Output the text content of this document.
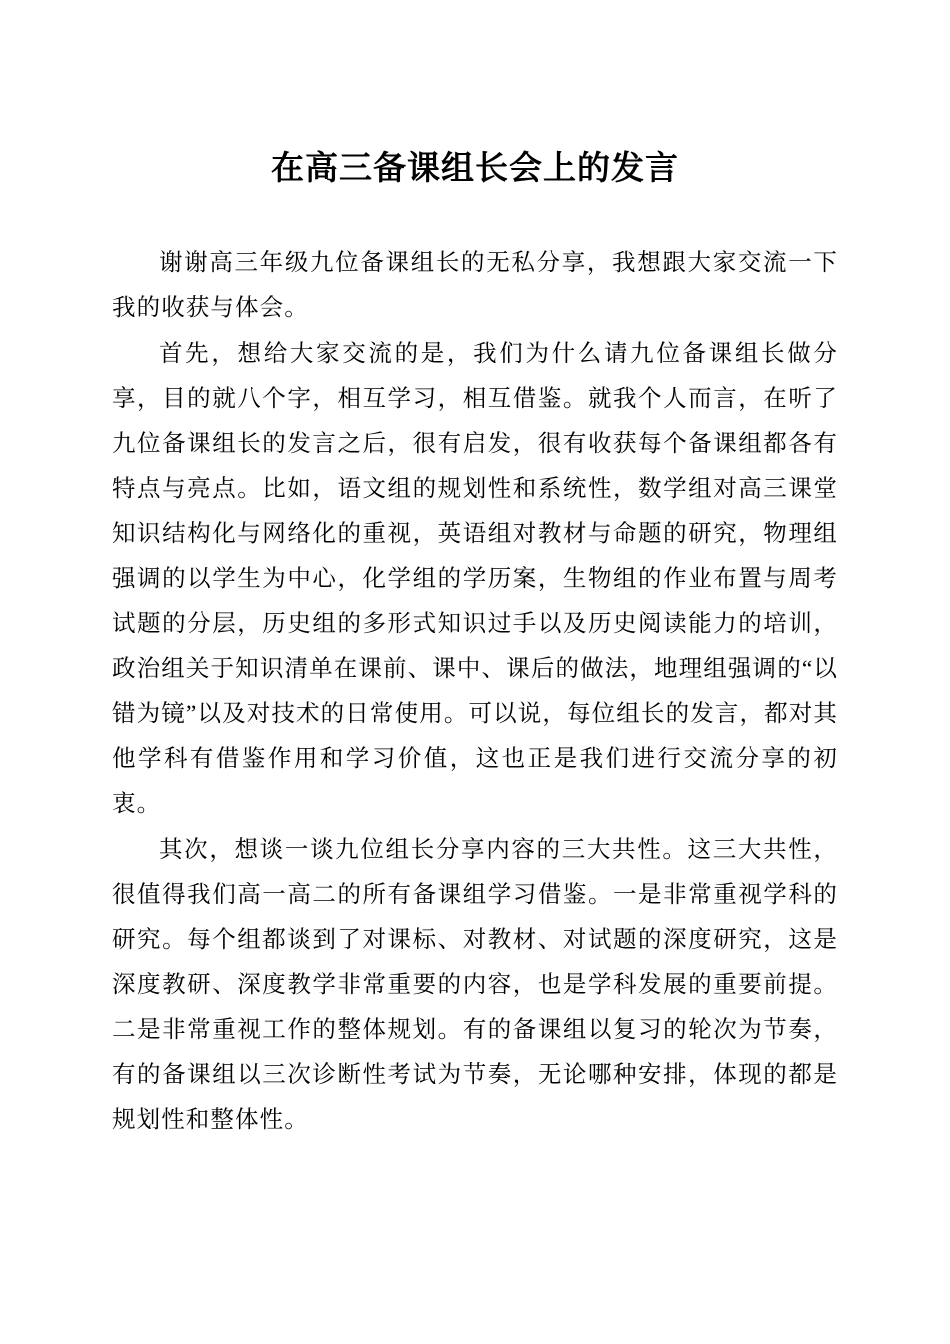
在高三备课组长会上的发言

谢谢高三年级九位备课组长的无私分享，我想跟大家交流一下我的收获与体会。

首先，想给大家交流的是，我们为什么请九位备课组长做分享，目的就八个字，相互学习，相互借鉴。就我个人而言，在听了九位备课组长的发言之后，很有启发，很有收获每个备课组都各有特点与亮点。比如，语文组的规划性和系统性，数学组对高三课堂知识结构化与网络化的重视，英语组对教材与命题的研究，物理组强调的以学生为中心，化学组的学历案，生物组的作业布置与周考试题的分层，历史组的多形式知识过手以及历史阅读能力的培训，政治组关于知识清单在课前、课中、课后的做法，地理组强调的“以错为镜”以及对技术的日常使用。可以说，每位组长的发言，都对其他学科有借鉴作用和学习价值，这也正是我们进行交流分享的初衷。

其次，想谈一谈九位组长分享内容的三大共性。这三大共性，很值得我们高一高二的所有备课组学习借鉴。一是非常重视学科的研究。每个组都谈到了对课标、对教材、对试题的深度研究，这是深度教研、深度教学非常重要的内容，也是学科发展的重要前提。二是非常重视工作的整体规划。有的备课组以复习的轮次为节奏，有的备课组以三次诊断性考试为节奏，无论哪种安排，体现的都是规划性和整体性。
